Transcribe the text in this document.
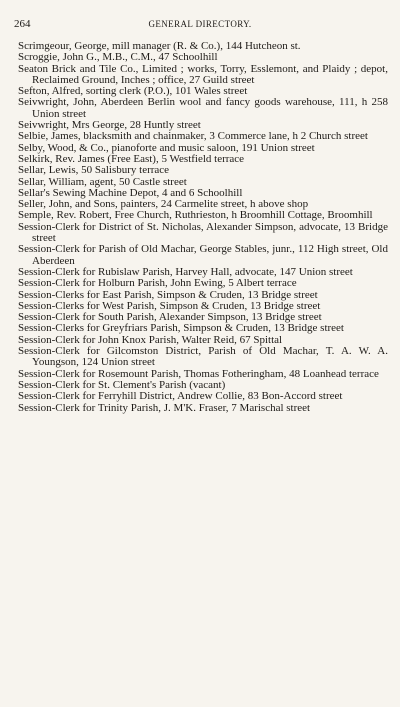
264	GENERAL DIRECTORY.

Scrimgeour, George, mill manager (R. & Co.), 144 Hutcheon st.

Scroggie, John G., M.B., C.M., 47 Schoolhill

Seaton Brick and Tile Co., Limited ; works, Torry, Esslemont, and Plaidy ; depot, Reclaimed Ground, Inches ; office, 27 Guild street

Sefton, Alfred, sorting clerk (P.O.), 101 Wales street

Seivwright, John, Aberdeen Berlin wool and fancy goods warehouse, 111, h 258 Union street

Seivwright, Mrs George, 28 Huntly street

Selbie, James, blacksmith and chainmaker, 3 Commerce lane, h 2 Church street

Selby, Wood, & Co., pianoforte and music saloon, 191 Union street

Selkirk, Rev. James (Free East), 5 Westfield terrace

Sellar, Lewis, 50 Salisbury terrace

Sellar, William, agent, 50 Castle street

Sellar's Sewing Machine Depot, 4 and 6 Schoolhill

Seller, John, and Sons, painters, 24 Carmelite street, h above shop

Semple, Rev. Robert, Free Church, Ruthrieston, h Broomhill Cottage, Broomhill

Session-Clerk for District of St. Nicholas, Alexander Simpson, advocate, 13 Bridge street

Session-Clerk for Parish of Old Machar, George Stables, junr., 112 High street, Old Aberdeen

Session-Clerk for Rubislaw Parish, Harvey Hall, advocate, 147 Union street

Session-Clerk for Holburn Parish, John Ewing, 5 Albert terrace

Session-Clerks for East Parish, Simpson & Cruden, 13 Bridge street

Session-Clerks for West Parish, Simpson & Cruden, 13 Bridge street

Session-Clerk for South Parish, Alexander Simpson, 13 Bridge street

Session-Clerks for Greyfriars Parish, Simpson & Cruden, 13 Bridge street

Session-Clerk for John Knox Parish, Walter Reid, 67 Spittal

Session-Clerk for Gilcomston District, Parish of Old Machar, T. A. W. A. Youngson, 124 Union street

Session-Clerk for Rosemount Parish, Thomas Fotheringham, 48 Loanhead terrace

Session-Clerk for St. Clement's Parish (vacant)

Session-Clerk for Ferryhill District, Andrew Collie, 83 Bon-Accord street

Session-Clerk for Trinity Parish, J. M'K. Fraser, 7 Marischal street
